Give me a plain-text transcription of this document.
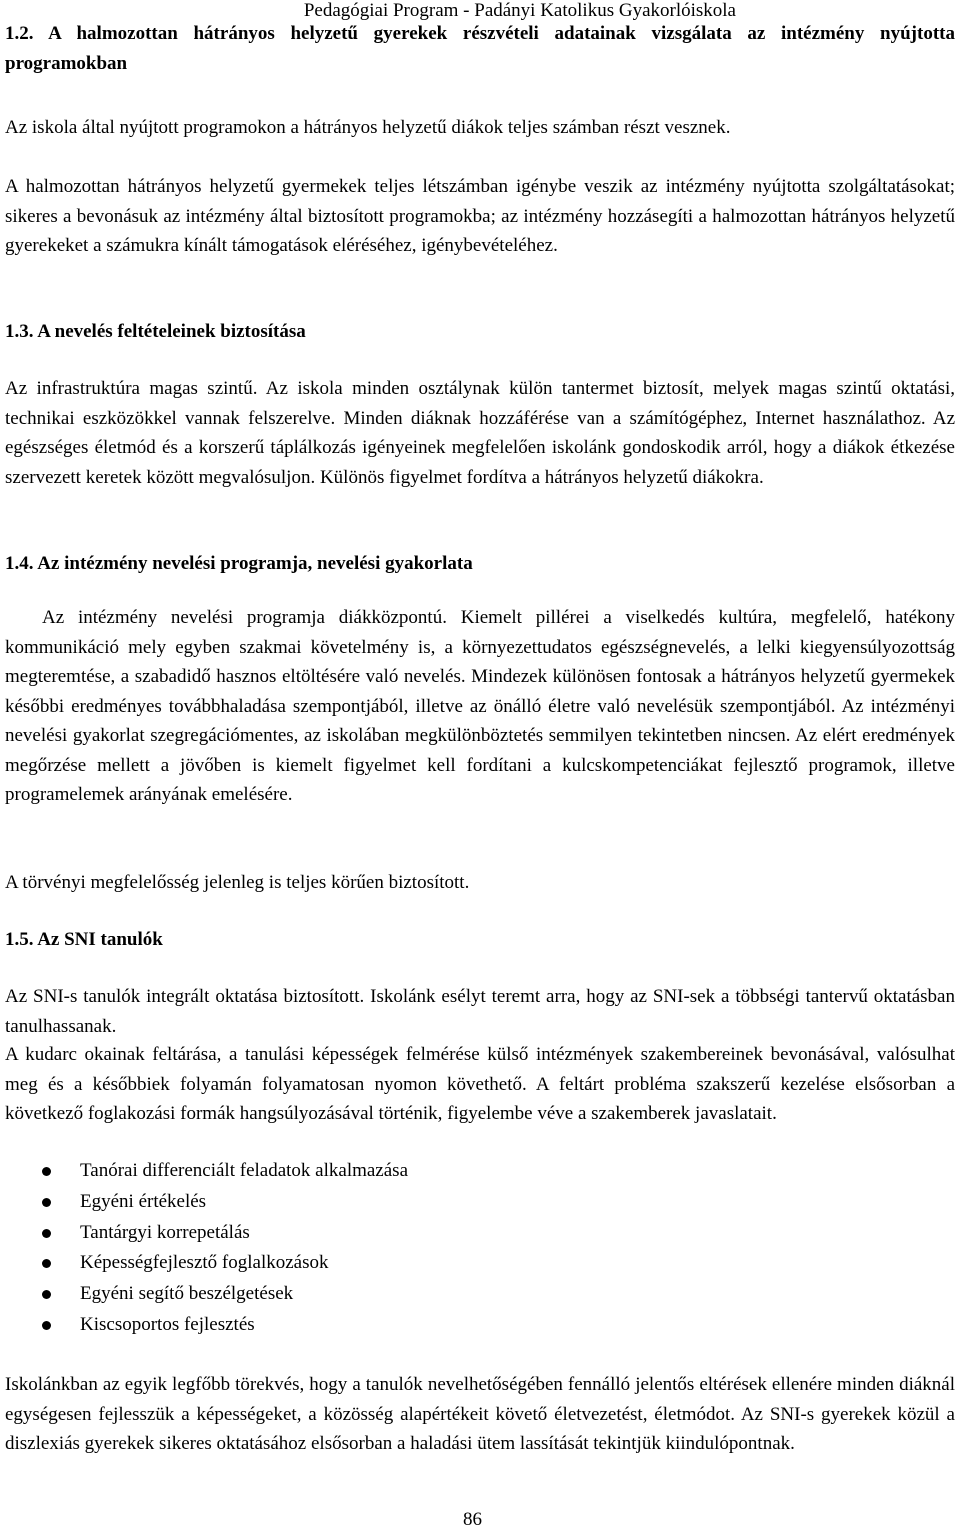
Pedagógiai Program - Padányi Katolikus Gyakorlóiskola
1.2. A halmozottan hátrányos helyzetű gyerekek részvételi adatainak vizsgálata az intézmény nyújtotta programokban
Az iskola által nyújtott programokon a hátrányos helyzetű diákok teljes számban részt vesznek.
A halmozottan hátrányos helyzetű gyermekek teljes létszámban igénybe veszik az intézmény nyújtotta szolgáltatásokat; sikeres a bevonásuk az intézmény által biztosított programokba; az intézmény hozzásegíti a halmozottan hátrányos helyzetű gyerekeket a számukra kínált támogatások eléréséhez, igénybevételéhez.
1.3. A nevelés feltételeinek biztosítása
Az infrastruktúra magas szintű. Az iskola minden osztálynak külön tantermet biztosít, melyek magas szintű oktatási, technikai eszközökkel vannak felszerelve. Minden diáknak hozzáférése van a számítógéphez, Internet használathoz. Az egészséges életmód és a korszerű táplálkozás igényeinek megfelelően iskolánk gondoskodik arról, hogy a diákok étkezése szervezett keretek között megvalósuljon. Különös figyelmet fordítva a hátrányos helyzetű diákokra.
1.4. Az intézmény nevelési programja, nevelési gyakorlata
Az intézmény nevelési programja diákközpontú. Kiemelt pillérei a viselkedés kultúra, megfelelő, hatékony kommunikáció mely egyben szakmai követelmény is, a környezettudatos egészségnevelés, a lelki kiegyensúlyozottság megteremtése, a szabadidő hasznos eltöltésére való nevelés. Mindezek különösen fontosak a hátrányos helyzetű gyermekek későbbi eredményes továbbhaladása szempontjából, illetve az önálló életre való nevelésük szempontjából. Az intézményi nevelési gyakorlat szegregációmentes, az iskolában megkülönböztetés semmilyen tekintetben nincsen. Az elért eredmények megőrzése mellett a jövőben is kiemelt figyelmet kell fordítani a kulcskompetenciákat fejlesztő programok, illetve programelemek arányának emelésére.
A törvényi megfelelősség jelenleg is teljes körűen biztosított.
1.5. Az SNI tanulók
Az SNI-s tanulók integrált oktatása biztosított. Iskolánk esélyt teremt arra, hogy az SNI-sek a többségi tantervű oktatásban tanulhassanak.
A kudarc okainak feltárása, a tanulási képességek felmérése külső intézmények szakembereinek bevonásával, valósulhat meg és a későbbiek folyamán folyamatosan nyomon követhető. A feltárt probléma szakszerű kezelése elsősorban a következő foglakozási formák hangsúlyozásával történik, figyelembe véve a szakemberek javaslatait.
Tanórai differenciált feladatok alkalmazása
Egyéni értékelés
Tantárgyi korrepetálás
Képességfejlesztő foglalkozások
Egyéni segítő beszélgetések
Kiscsoportos fejlesztés
Iskolánkban az egyik legfőbb törekvés, hogy a tanulók nevelhetőségében fennálló jelentős eltérések ellenére minden diáknál egységesen fejlesszük a képességeket, a közösség alapértékeit követő életvezetést, életmódot. Az SNI-s gyerekek közül a diszlexiás gyerekek sikeres oktatásához elsősorban a haladási ütem lassítását tekintjük kiindulópontnak.
86
